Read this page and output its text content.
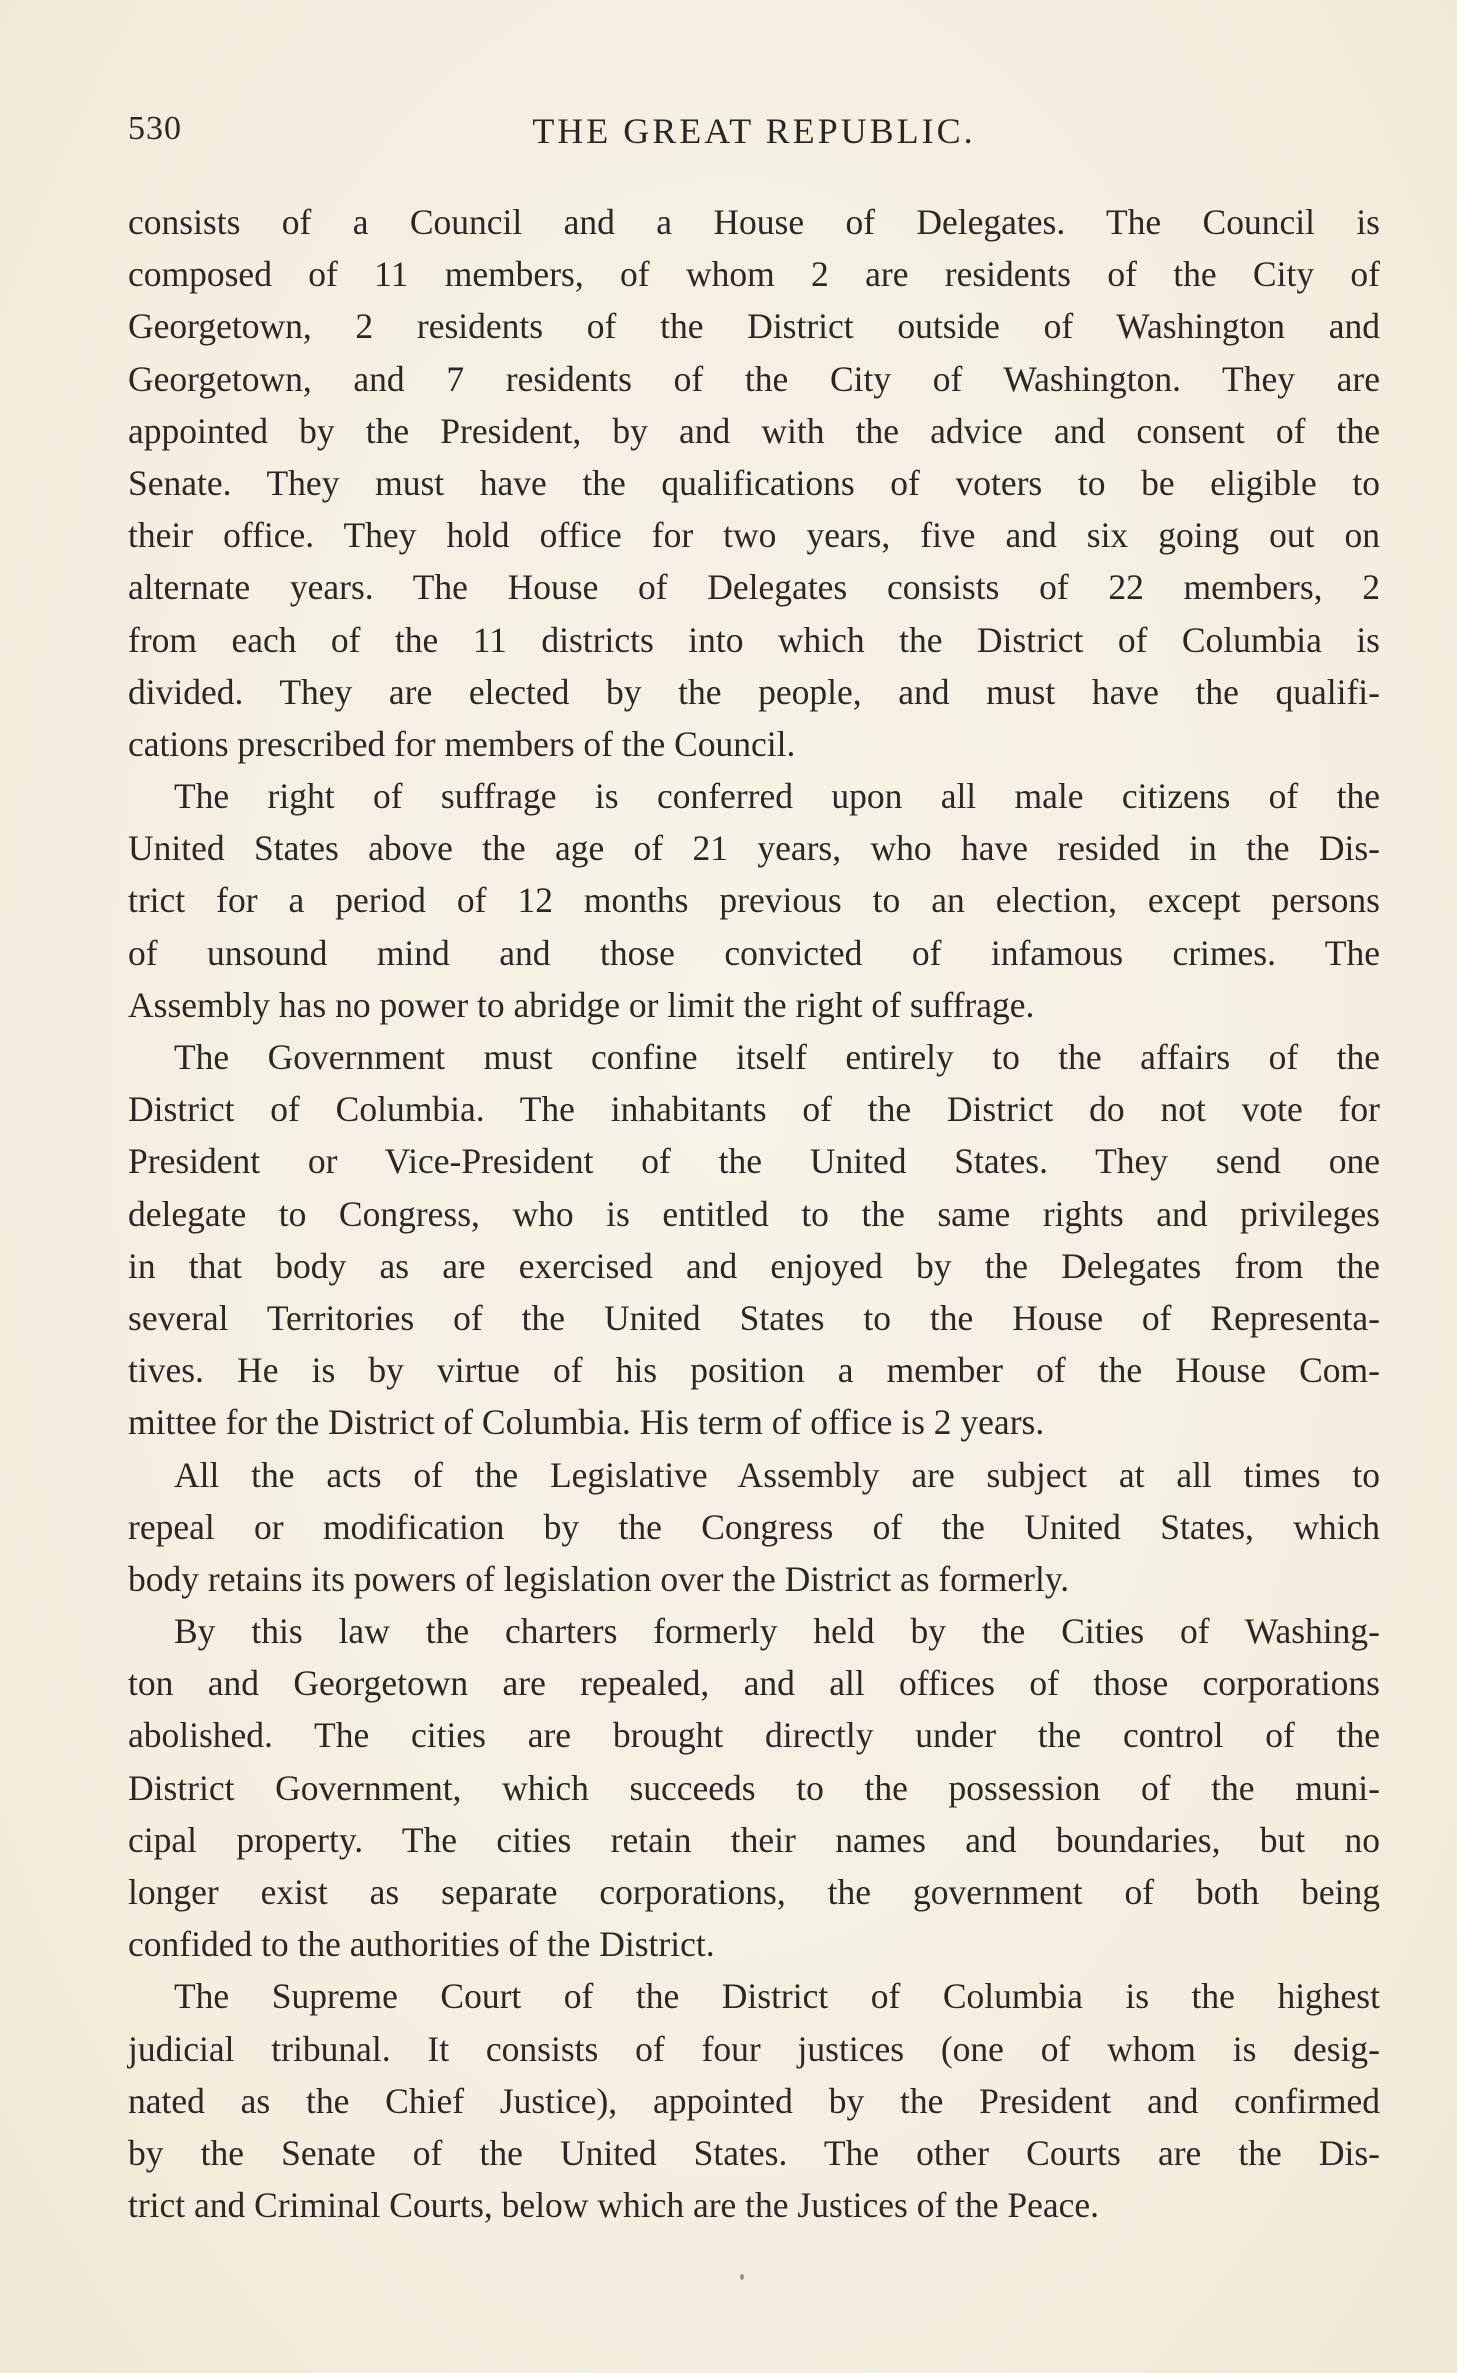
530	THE GREAT REPUBLIC.
consists of a Council and a House of Delegates. The Council is
composed of 11 members, of whom 2 are residents of the City of
Georgetown, 2 residents of the District outside of Washington and
Georgetown, and 7 residents of the City of Washington. They are
appointed by the President, by and with the advice and consent of the
Senate. They must have the qualifications of voters to be eligible to
their office. They hold office for two years, five and six going out on
alternate years. The House of Delegates consists of 22 members, 2
from each of the 11 districts into which the District of Columbia is
divided. They are elected by the people, and must have the qualifi-
cations prescribed for members of the Council.
The right of suffrage is conferred upon all male citizens of the
United States above the age of 21 years, who have resided in the Dis-
trict for a period of 12 months previous to an election, except persons
of unsound mind and those convicted of infamous crimes. The
Assembly has no power to abridge or limit the right of suffrage.
The Government must confine itself entirely to the affairs of the
District of Columbia. The inhabitants of the District do not vote for
President or Vice-President of the United States. They send one
delegate to Congress, who is entitled to the same rights and privileges
in that body as are exercised and enjoyed by the Delegates from the
several Territories of the United States to the House of Representa-
tives. He is by virtue of his position a member of the House Com-
mittee for the District of Columbia. His term of office is 2 years.
All the acts of the Legislative Assembly are subject at all times to
repeal or modification by the Congress of the United States, which
body retains its powers of legislation over the District as formerly.
By this law the charters formerly held by the Cities of Washing-
ton and Georgetown are repealed, and all offices of those corporations
abolished. The cities are brought directly under the control of the
District Government, which succeeds to the possession of the muni-
cipal property. The cities retain their names and boundaries, but no
longer exist as separate corporations, the government of both being
confided to the authorities of the District.
The Supreme Court of the District of Columbia is the highest
judicial tribunal. It consists of four justices (one of whom is desig-
nated as the Chief Justice), appointed by the President and confirmed
by the Senate of the United States. The other Courts are the Dis-
trict and Criminal Courts, below which are the Justices of the Peace.
